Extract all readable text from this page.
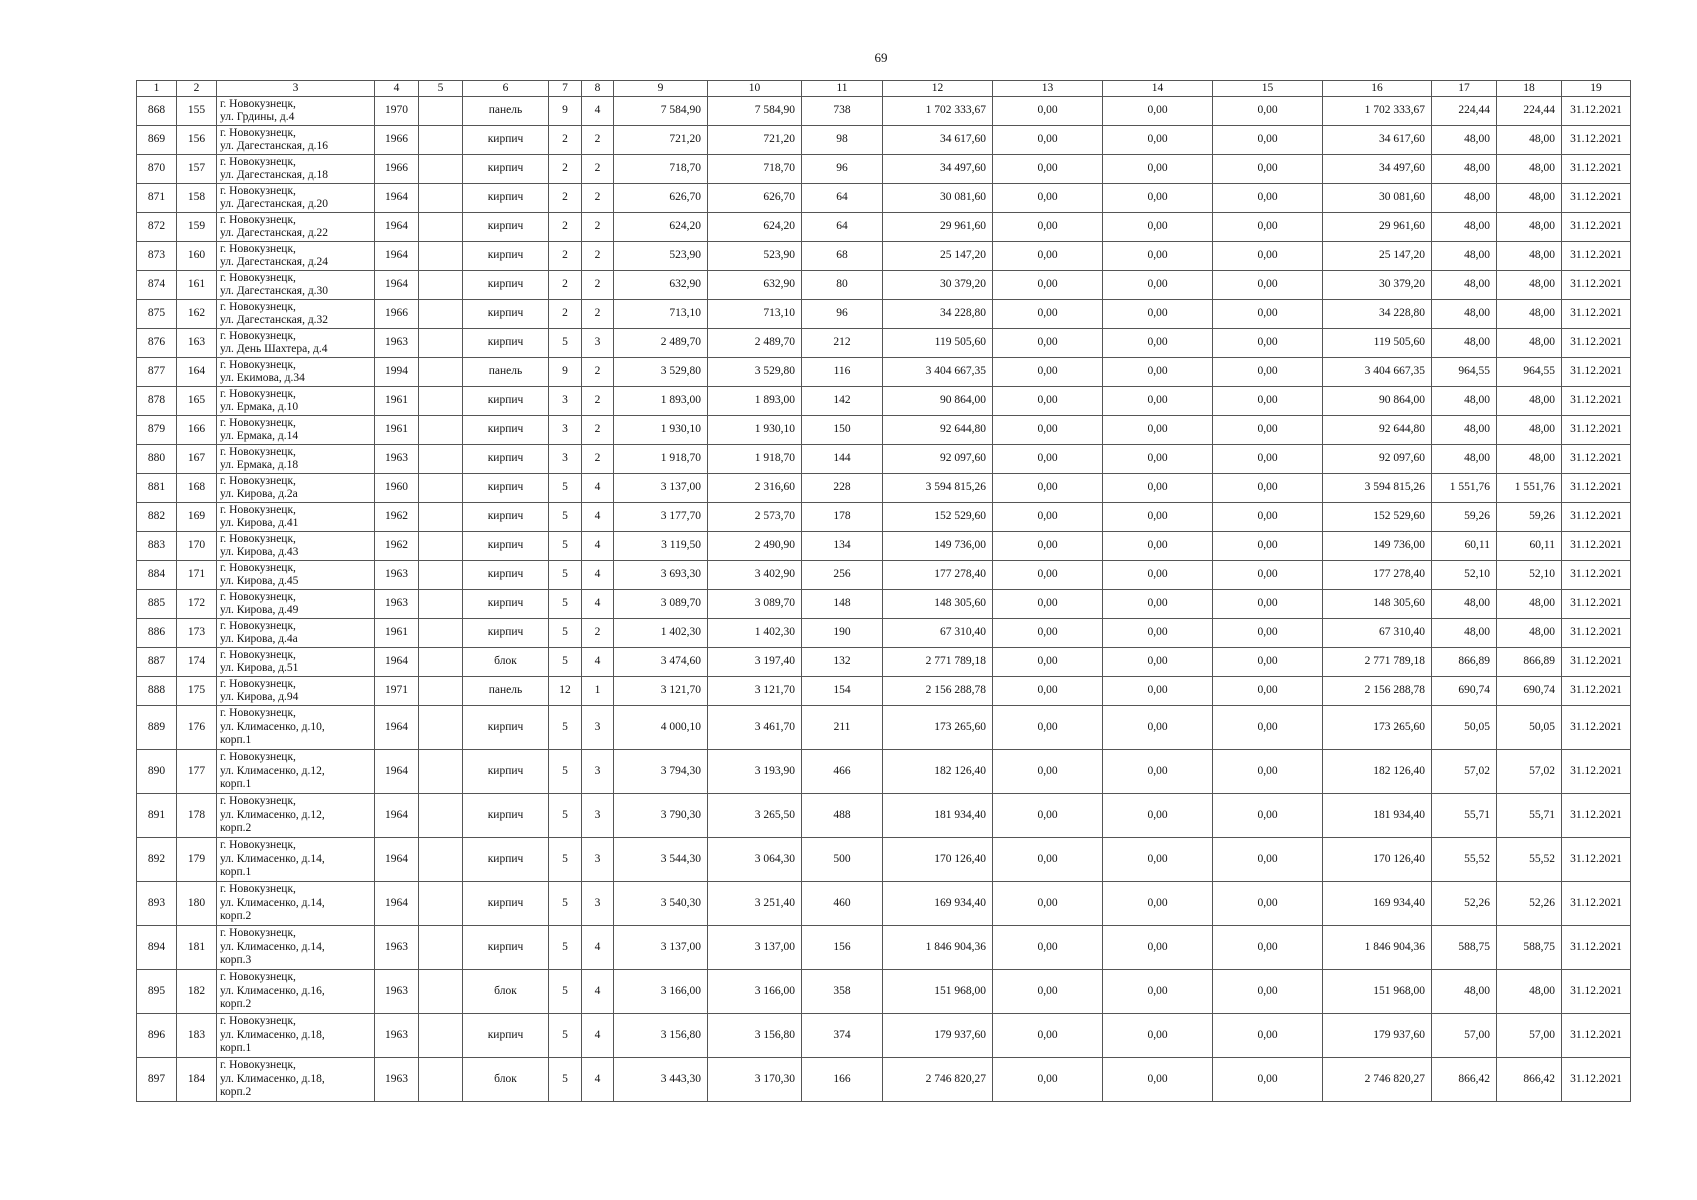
69
1	2	3	4	5	6	7	8	9	10	11	12	13	14	15	16	17	18	19
868	155	г. Новокузнецк,
ул. Грдины, д.4	1970		панель	9	4	7 584,90	7 584,90	738	1 702 333,67	0,00	0,00	0,00	1 702 333,67	224,44	224,44	31.12.2021
869	156	г. Новокузнецк,
ул. Дагестанская, д.16	1966		кирпич	2	2	721,20	721,20	98	34 617,60	0,00	0,00	0,00	34 617,60	48,00	48,00	31.12.2021
870	157	г. Новокузнецк,
ул. Дагестанская, д.18	1966		кирпич	2	2	718,70	718,70	96	34 497,60	0,00	0,00	0,00	34 497,60	48,00	48,00	31.12.2021
871	158	г. Новокузнецк,
ул. Дагестанская, д.20	1964		кирпич	2	2	626,70	626,70	64	30 081,60	0,00	0,00	0,00	30 081,60	48,00	48,00	31.12.2021
872	159	г. Новокузнецк,
ул. Дагестанская, д.22	1964		кирпич	2	2	624,20	624,20	64	29 961,60	0,00	0,00	0,00	29 961,60	48,00	48,00	31.12.2021
873	160	г. Новокузнецк,
ул. Дагестанская, д.24	1964		кирпич	2	2	523,90	523,90	68	25 147,20	0,00	0,00	0,00	25 147,20	48,00	48,00	31.12.2021
874	161	г. Новокузнецк,
ул. Дагестанская, д.30	1964		кирпич	2	2	632,90	632,90	80	30 379,20	0,00	0,00	0,00	30 379,20	48,00	48,00	31.12.2021
875	162	г. Новокузнецк,
ул. Дагестанская, д.32	1966		кирпич	2	2	713,10	713,10	96	34 228,80	0,00	0,00	0,00	34 228,80	48,00	48,00	31.12.2021
876	163	г. Новокузнецк,
ул. День Шахтера, д.4	1963		кирпич	5	3	2 489,70	2 489,70	212	119 505,60	0,00	0,00	0,00	119 505,60	48,00	48,00	31.12.2021
877	164	г. Новокузнецк,
ул. Екимова, д.34	1994		панель	9	2	3 529,80	3 529,80	116	3 404 667,35	0,00	0,00	0,00	3 404 667,35	964,55	964,55	31.12.2021
878	165	г. Новокузнецк,
ул. Ермака, д.10	1961		кирпич	3	2	1 893,00	1 893,00	142	90 864,00	0,00	0,00	0,00	90 864,00	48,00	48,00	31.12.2021
879	166	г. Новокузнецк,
ул. Ермака, д.14	1961		кирпич	3	2	1 930,10	1 930,10	150	92 644,80	0,00	0,00	0,00	92 644,80	48,00	48,00	31.12.2021
880	167	г. Новокузнецк,
ул. Ермака, д.18	1963		кирпич	3	2	1 918,70	1 918,70	144	92 097,60	0,00	0,00	0,00	92 097,60	48,00	48,00	31.12.2021
881	168	г. Новокузнецк,
ул. Кирова, д.2а	1960		кирпич	5	4	3 137,00	2 316,60	228	3 594 815,26	0,00	0,00	0,00	3 594 815,26	1 551,76	1 551,76	31.12.2021
882	169	г. Новокузнецк,
ул. Кирова, д.41	1962		кирпич	5	4	3 177,70	2 573,70	178	152 529,60	0,00	0,00	0,00	152 529,60	59,26	59,26	31.12.2021
883	170	г. Новокузнецк,
ул. Кирова, д.43	1962		кирпич	5	4	3 119,50	2 490,90	134	149 736,00	0,00	0,00	0,00	149 736,00	60,11	60,11	31.12.2021
884	171	г. Новокузнецк,
ул. Кирова, д.45	1963		кирпич	5	4	3 693,30	3 402,90	256	177 278,40	0,00	0,00	0,00	177 278,40	52,10	52,10	31.12.2021
885	172	г. Новокузнецк,
ул. Кирова, д.49	1963		кирпич	5	4	3 089,70	3 089,70	148	148 305,60	0,00	0,00	0,00	148 305,60	48,00	48,00	31.12.2021
886	173	г. Новокузнецк,
ул. Кирова, д.4а	1961		кирпич	5	2	1 402,30	1 402,30	190	67 310,40	0,00	0,00	0,00	67 310,40	48,00	48,00	31.12.2021
887	174	г. Новокузнецк,
ул. Кирова, д.51	1964		блок	5	4	3 474,60	3 197,40	132	2 771 789,18	0,00	0,00	0,00	2 771 789,18	866,89	866,89	31.12.2021
888	175	г. Новокузнецк,
ул. Кирова, д.94	1971		панель	12	1	3 121,70	3 121,70	154	2 156 288,78	0,00	0,00	0,00	2 156 288,78	690,74	690,74	31.12.2021
889	176	г. Новокузнецк,
ул. Климасенко, д.10,
корп.1	1964		кирпич	5	3	4 000,10	3 461,70	211	173 265,60	0,00	0,00	0,00	173 265,60	50,05	50,05	31.12.2021
890	177	г. Новокузнецк,
ул. Климасенко, д.12,
корп.1	1964		кирпич	5	3	3 794,30	3 193,90	466	182 126,40	0,00	0,00	0,00	182 126,40	57,02	57,02	31.12.2021
891	178	г. Новокузнецк,
ул. Климасенко, д.12,
корп.2	1964		кирпич	5	3	3 790,30	3 265,50	488	181 934,40	0,00	0,00	0,00	181 934,40	55,71	55,71	31.12.2021
892	179	г. Новокузнецк,
ул. Климасенко, д.14,
корп.1	1964		кирпич	5	3	3 544,30	3 064,30	500	170 126,40	0,00	0,00	0,00	170 126,40	55,52	55,52	31.12.2021
893	180	г. Новокузнецк,
ул. Климасенко, д.14,
корп.2	1964		кирпич	5	3	3 540,30	3 251,40	460	169 934,40	0,00	0,00	0,00	169 934,40	52,26	52,26	31.12.2021
894	181	г. Новокузнецк,
ул. Климасенко, д.14,
корп.3	1963		кирпич	5	4	3 137,00	3 137,00	156	1 846 904,36	0,00	0,00	0,00	1 846 904,36	588,75	588,75	31.12.2021
895	182	г. Новокузнецк,
ул. Климасенко, д.16,
корп.2	1963		блок	5	4	3 166,00	3 166,00	358	151 968,00	0,00	0,00	0,00	151 968,00	48,00	48,00	31.12.2021
896	183	г. Новокузнецк,
ул. Климасенко, д.18,
корп.1	1963		кирпич	5	4	3 156,80	3 156,80	374	179 937,60	0,00	0,00	0,00	179 937,60	57,00	57,00	31.12.2021
897	184	г. Новокузнецк,
ул. Климасенко, д.18,
корп.2	1963		блок	5	4	3 443,30	3 170,30	166	2 746 820,27	0,00	0,00	0,00	2 746 820,27	866,42	866,42	31.12.2021
